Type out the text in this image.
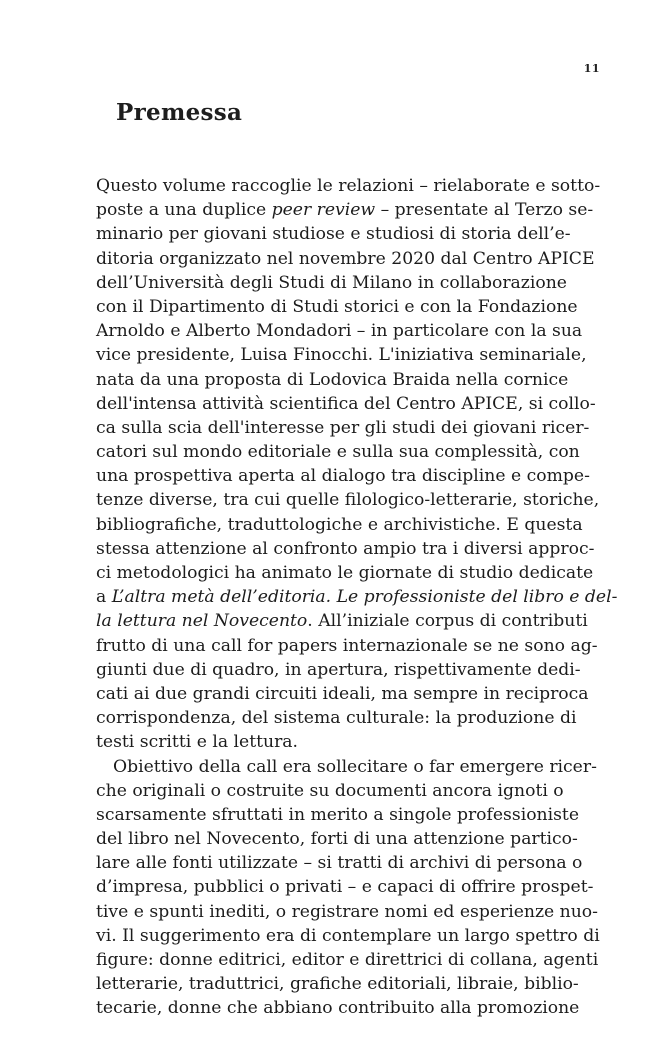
11
Premessa
Questo volume raccoglie le relazioni – rielaborate e sotto-
poste a una duplice peer review – presentate al Terzo se-
minario per giovani studiose e studiosi di storia dell’e-
ditoria organizzato nel novembre 2020 dal Centro APICE
dell’Università degli Studi di Milano in collaborazione
con il Dipartimento di Studi storici e con la Fondazione
Arnoldo e Alberto Mondadori – in particolare con la sua
vice presidente, Luisa Finocchi. L'iniziativa seminariale,
nata da una proposta di Lodovica Braida nella cornice
dell'intensa attività scientifica del Centro APICE, si collo-
ca sulla scia dell'interesse per gli studi dei giovani ricer-
catori sul mondo editoriale e sulla sua complessità, con
una prospettiva aperta al dialogo tra discipline e compe-
tenze diverse, tra cui quelle filologico-letterarie, storiche,
bibliografiche, traduttologiche e archivistiche. E questa
stessa attenzione al confronto ampio tra i diversi approc-
ci metodologici ha animato le giornate di studio dedicate
a L’altra metà dell’editoria. Le professioniste del libro e del-
la lettura nel Novecento. All’iniziale corpus di contributi
frutto di una call for papers internazionale se ne sono ag-
giunti due di quadro, in apertura, rispettivamente dedi-
cati ai due grandi circuiti ideali, ma sempre in reciproca
corrispondenza, del sistema culturale: la produzione di
testi scritti e la lettura.
Obiettivo della call era sollecitare o far emergere ricer-
che originali o costruite su documenti ancora ignoti o
scarsamente sfruttati in merito a singole professioniste
del libro nel Novecento, forti di una attenzione partico-
lare alle fonti utilizzate – si tratti di archivi di persona o
d’impresa, pubblici o privati – e capaci di offrire prospet-
tive e spunti inediti, o registrare nomi ed esperienze nuo-
vi. Il suggerimento era di contemplare un largo spettro di
figure: donne editrici, editor e direttrici di collana, agenti
letterarie, traduttrici, grafiche editoriali, libraie, biblio-
tecarie, donne che abbiano contribuito alla promozione
